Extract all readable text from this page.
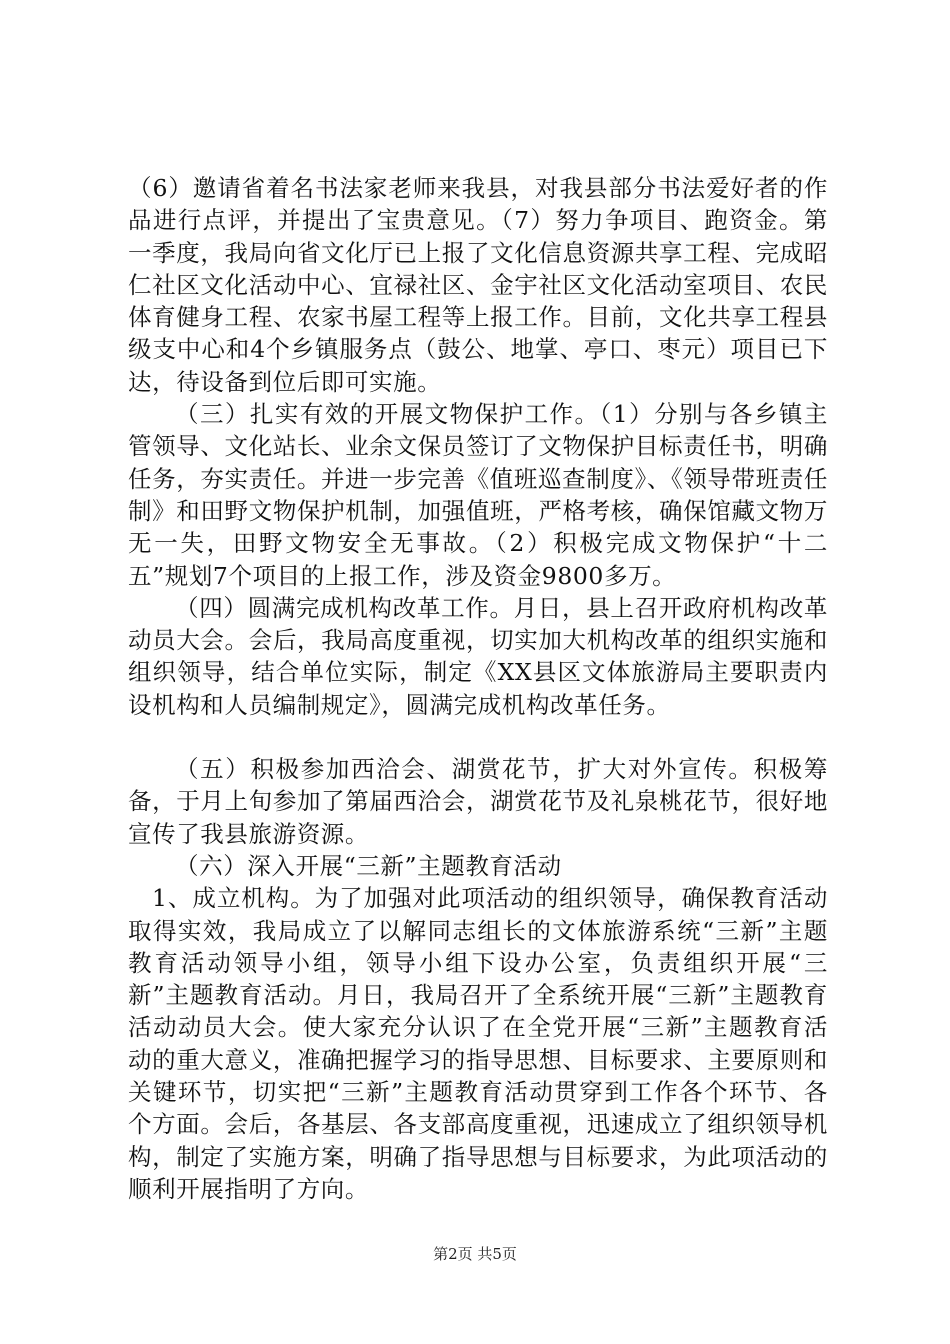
（6）邀请省着名书法家老师来我县，对我县部分书法爱好者的作品进行点评，并提出了宝贵意见。（7）努力争项目、跑资金。第一季度，我局向省文化厅已上报了文化信息资源共享工程、完成昭仁社区文化活动中心、宜禄社区、金宇社区文化活动室项目、农民体育健身工程、农家书屋工程等上报工作。目前，文化共享工程县级支中心和4个乡镇服务点（鼓公、地掌、亭口、枣元）项目已下达，待设备到位后即可实施。

（三）扎实有效的开展文物保护工作。（1）分别与各乡镇主管领导、文化站长、业余文保员签订了文物保护目标责任书，明确任务，夯实责任。并进一步完善《值班巡查制度》、《领导带班责任制》和田野文物保护机制，加强值班，严格考核，确保馆藏文物万无一失，田野文物安全无事故。（2）积极完成文物保护“十二五”规划7个项目的上报工作，涉及资金9800多万。

（四）圆满完成机构改革工作。月日，县上召开政府机构改革动员大会。会后，我局高度重视，切实加大机构改革的组织实施和组织领导，结合单位实际，制定《XX县区文体旅游局主要职责内设机构和人员编制规定》，圆满完成机构改革任务。

（五）积极参加西洽会、湖赏花节，扩大对外宣传。积极筹备，于月上旬参加了第届西洽会，湖赏花节及礼泉桃花节，很好地宣传了我县旅游资源。

（六）深入开展“三新”主题教育活动

1、成立机构。为了加强对此项活动的组织领导，确保教育活动取得实效，我局成立了以解同志组长的文体旅游系统“三新”主题教育活动领导小组，领导小组下设办公室，负责组织开展“三新”主题教育活动。月日，我局召开了全系统开展“三新”主题教育活动动员大会。使大家充分认识了在全党开展“三新”主题教育活动的重大意义，准确把握学习的指导思想、目标要求、主要原则和关键环节，切实把“三新”主题教育活动贯穿到工作各个环节、各个方面。会后，各基层、各支部高度重视，迅速成立了组织领导机构，制定了实施方案，明确了指导思想与目标要求，为此项活动的顺利开展指明了方向。

第2页 共5页
